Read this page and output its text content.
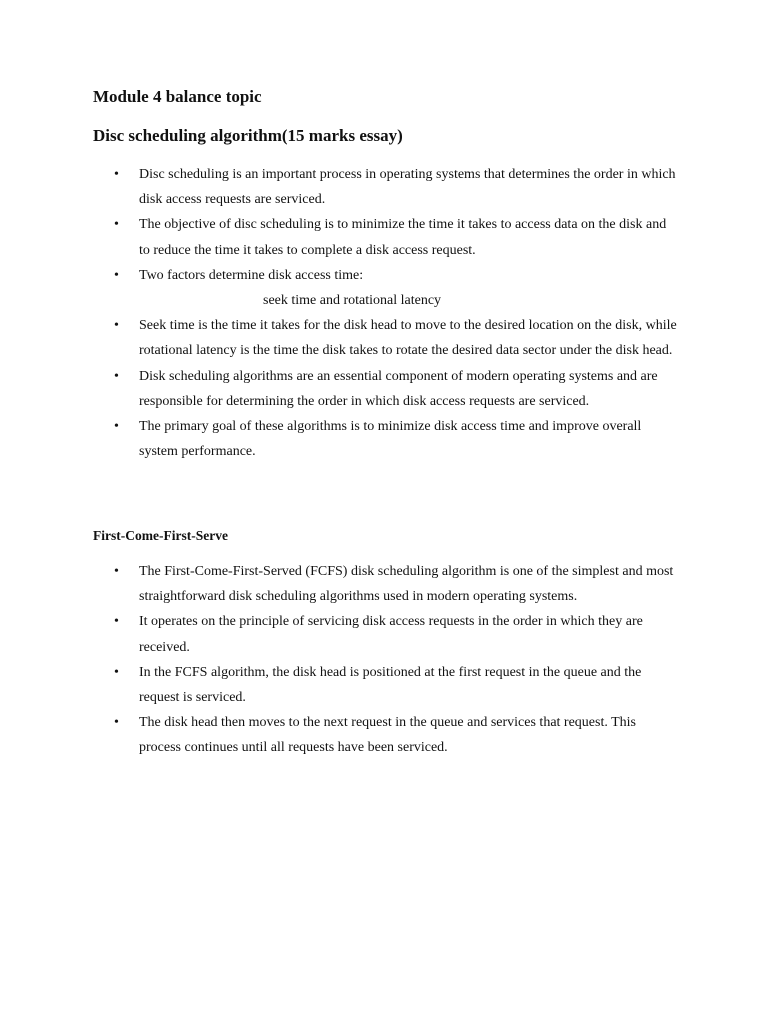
Module 4 balance topic
Disc scheduling algorithm(15 marks essay)
• Disc scheduling is an important process in operating systems that determines the order in which disk access requests are serviced.
• The objective of disc scheduling is to minimize the time it takes to access data on the disk and to reduce the time it takes to complete a disk access request.
• Two factors determine disk access time:
seek time and rotational latency
• Seek time is the time it takes for the disk head to move to the desired location on the disk, while rotational latency is the time the disk takes to rotate the desired data sector under the disk head.
• Disk scheduling algorithms are an essential component of modern operating systems and are responsible for determining the order in which disk access requests are serviced.
• The primary goal of these algorithms is to minimize disk access time and improve overall system performance.
First-Come-First-Serve
• The First-Come-First-Served (FCFS) disk scheduling algorithm is one of the simplest and most straightforward disk scheduling algorithms used in modern operating systems.
• It operates on the principle of servicing disk access requests in the order in which they are received.
• In the FCFS algorithm, the disk head is positioned at the first request in the queue and the request is serviced.
• The disk head then moves to the next request in the queue and services that request. This process continues until all requests have been serviced.
